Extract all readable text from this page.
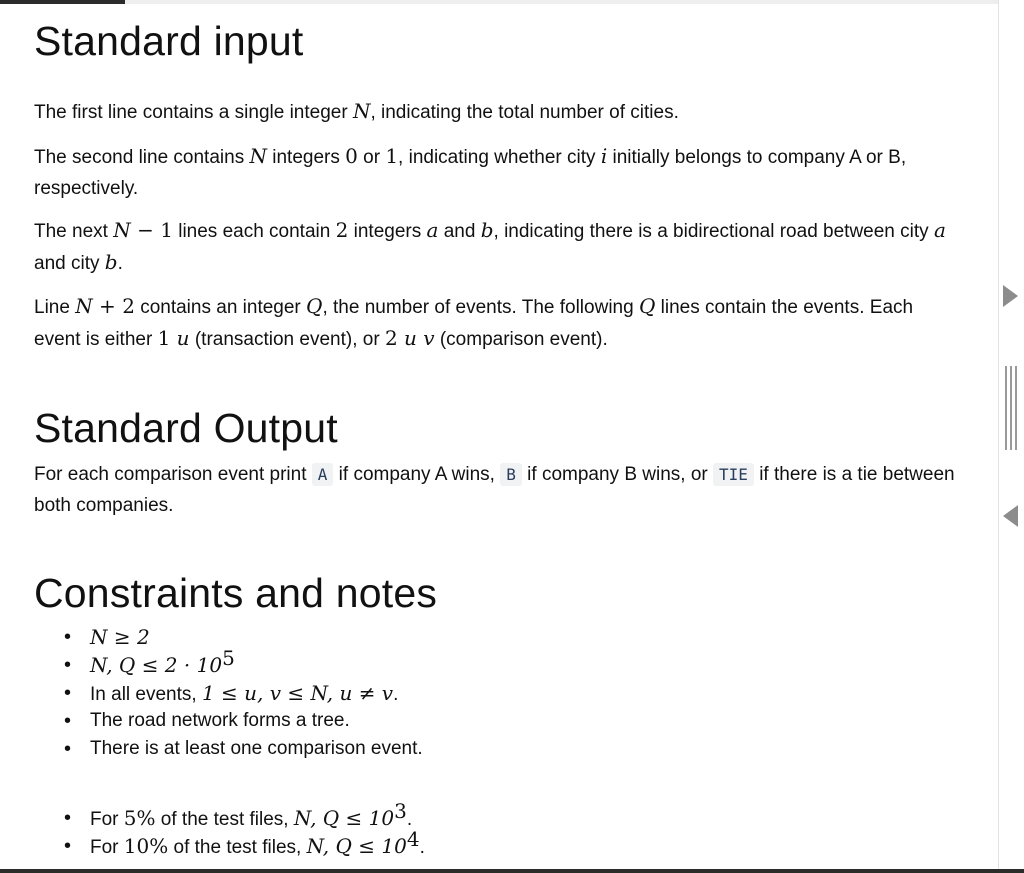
Standard input

The first line contains a single integer N, indicating the total number of cities.

The second line contains N integers 0 or 1, indicating whether city i initially belongs to company A or B, respectively.

The next N − 1 lines each contain 2 integers a and b, indicating there is a bidirectional road between city a and city b.

Line N + 2 contains an integer Q, the number of events. The following Q lines contain the events. Each event is either 1 u (transaction event), or 2 u v (comparison event).

Standard Output

For each comparison event print A if company A wins, B if company B wins, or TIE if there is a tie between both companies.

Constraints and notes
• N ≥ 2
• N, $Q \le 2 \cdot 10^5$
• In all events, 1 ≤ u, v ≤ N, u ≠ v.
• The road network forms a tree.
• There is at least one comparison event.
• For 5% of the test files, N, $Q \le 10^3$.
• For 10% of the test files, N, $Q \le 10^4$.
